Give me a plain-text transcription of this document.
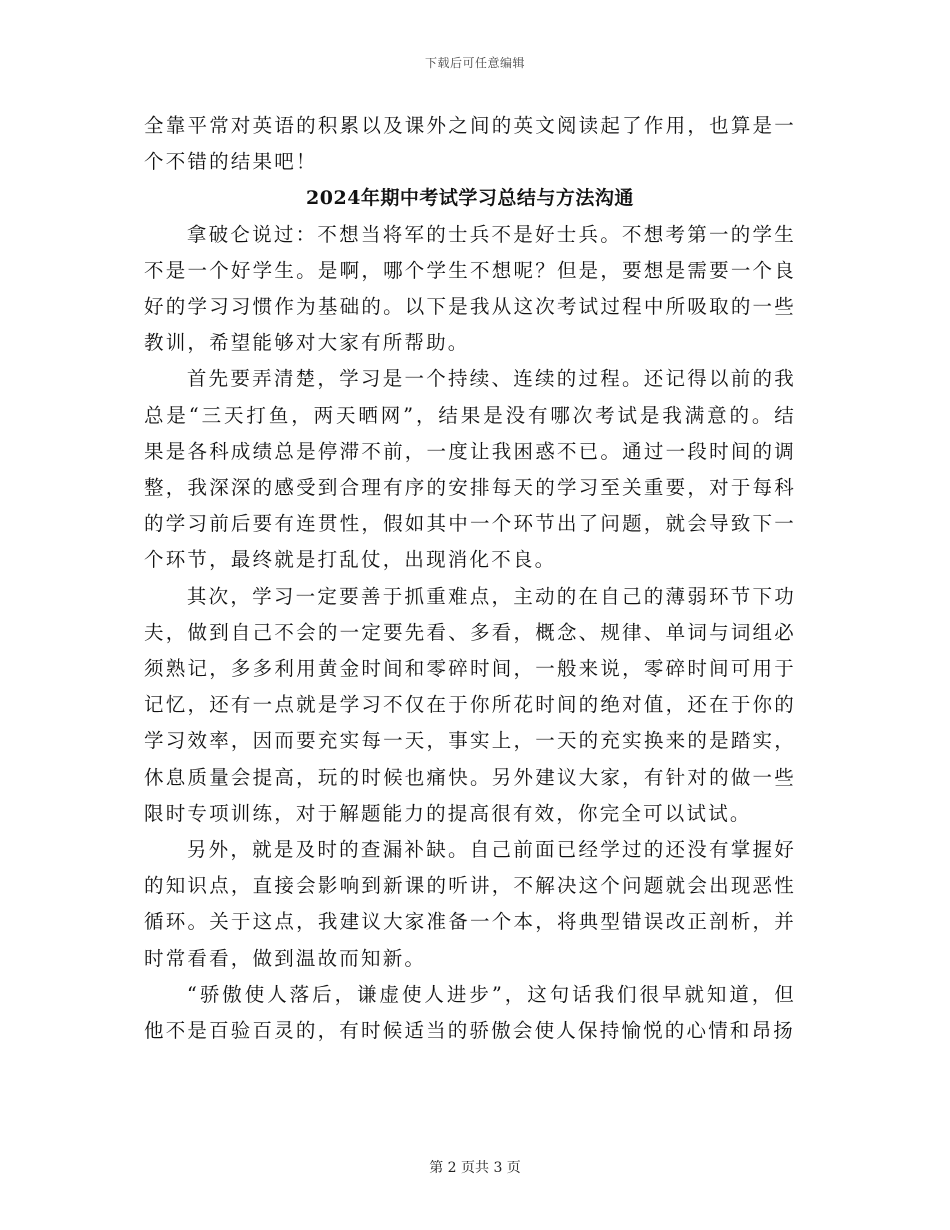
下载后可任意编辑

全靠平常对英语的积累以及课外之间的英文阅读起了作用，也算是一个不错的结果吧！

2024年期中考试学习总结与方法沟通

拿破仑说过：不想当将军的士兵不是好士兵。不想考第一的学生不是一个好学生。是啊，哪个学生不想呢？但是，要想是需要一个良好的学习习惯作为基础的。以下是我从这次考试过程中所吸取的一些教训，希望能够对大家有所帮助。

首先要弄清楚，学习是一个持续、连续的过程。还记得以前的我总是“三天打鱼，两天晒网”，结果是没有哪次考试是我满意的。结果是各科成绩总是停滞不前，一度让我困惑不已。通过一段时间的调整，我深深的感受到合理有序的安排每天的学习至关重要，对于每科的学习前后要有连贯性，假如其中一个环节出了问题，就会导致下一个环节，最终就是打乱仗，出现消化不良。

其次，学习一定要善于抓重难点，主动的在自己的薄弱环节下功夫，做到自己不会的一定要先看、多看，概念、规律、单词与词组必须熟记，多多利用黄金时间和零碎时间，一般来说，零碎时间可用于记忆，还有一点就是学习不仅在于你所花时间的绝对值，还在于你的学习效率，因而要充实每一天，事实上，一天的充实换来的是踏实，休息质量会提高，玩的时候也痛快。另外建议大家，有针对的做一些限时专项训练，对于解题能力的提高很有效，你完全可以试试。

另外，就是及时的查漏补缺。自己前面已经学过的还没有掌握好的知识点，直接会影响到新课的听讲，不解决这个问题就会出现恶性循环。关于这点，我建议大家准备一个本，将典型错误改正剖析，并时常看看，做到温故而知新。

“骄傲使人落后，谦虚使人进步”，这句话我们很早就知道，但他不是百验百灵的，有时候适当的骄傲会使人保持愉悦的心情和昂扬

第 2 页共 3 页
